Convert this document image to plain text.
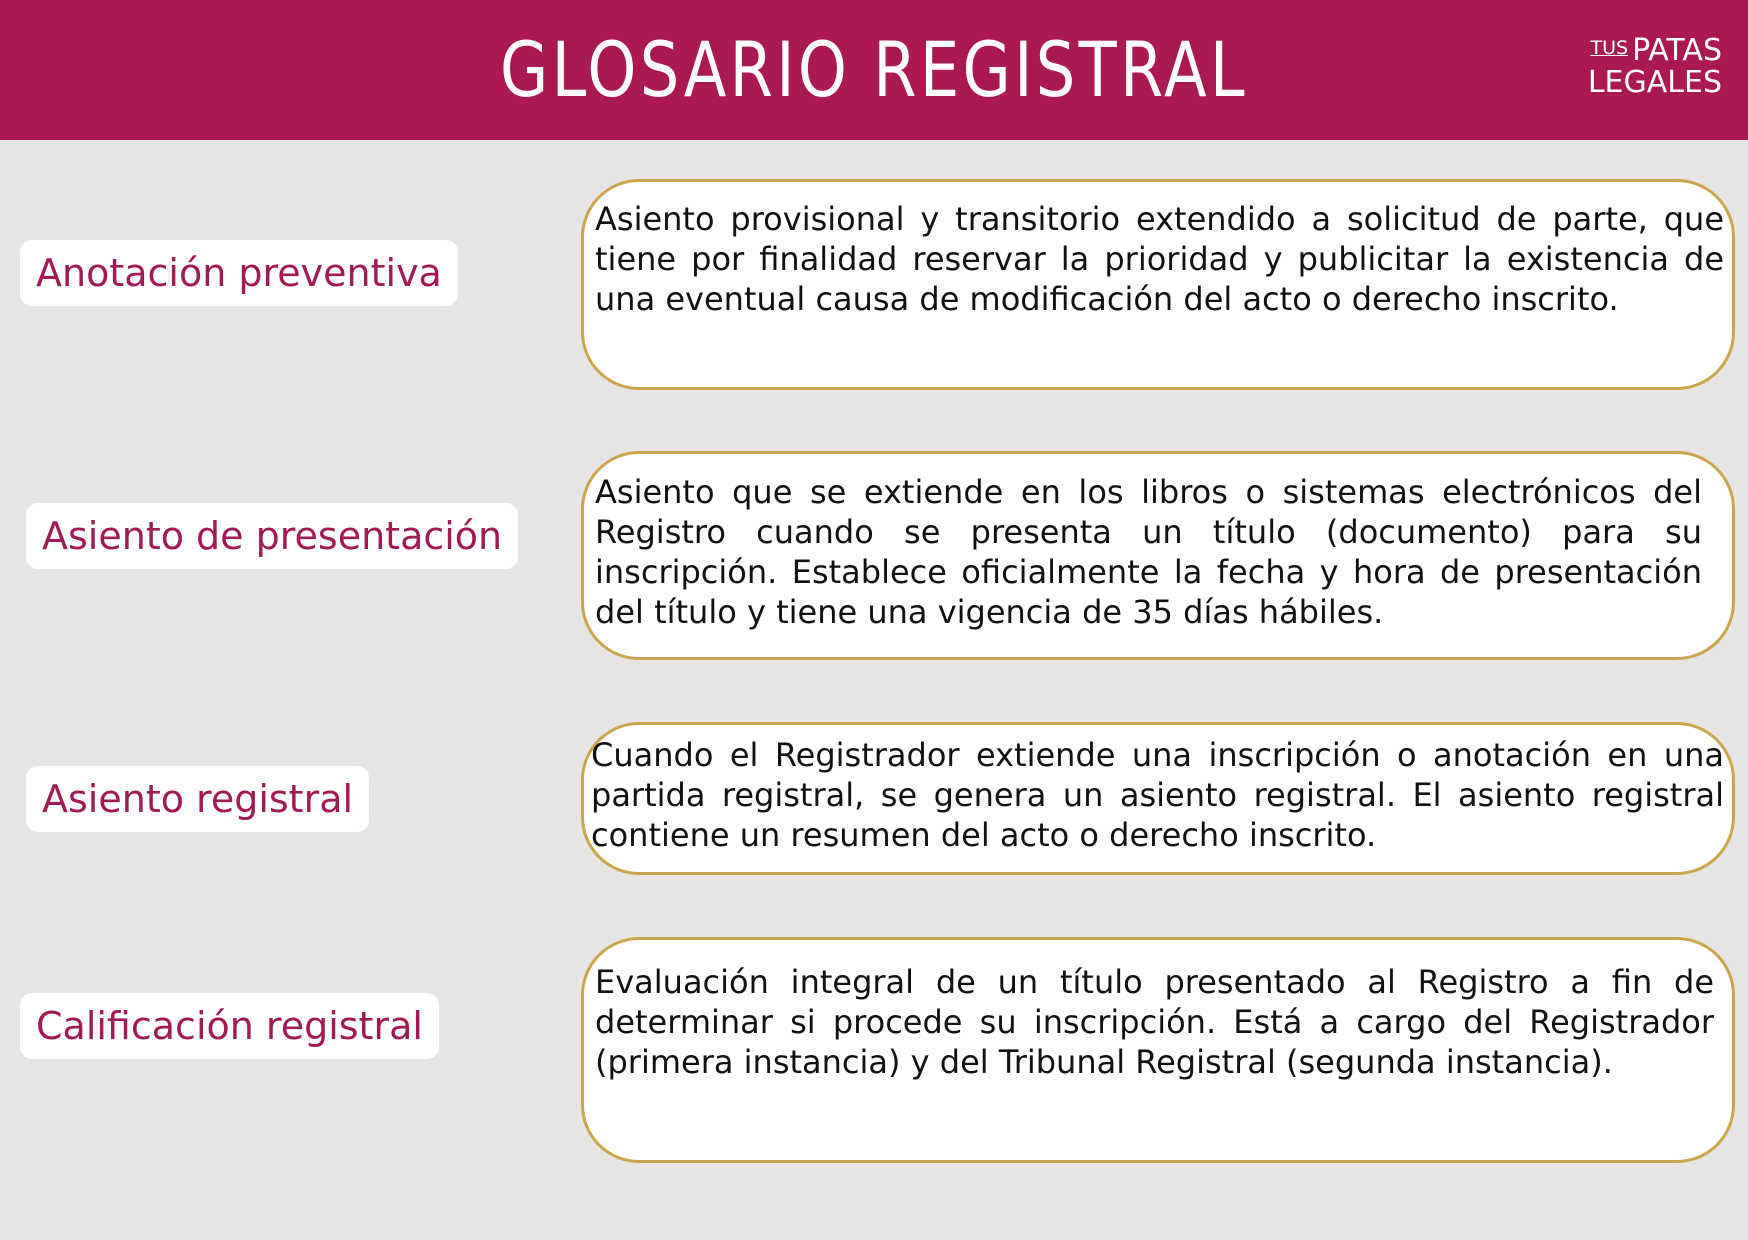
GLOSARIO REGISTRAL	$^{TUS}$ PATAS
LEGALES
Anotación preventiva
Asiento provisional y transitorio extendido a solicitud de parte, que tiene por finalidad reservar la prioridad y publicitar la existencia de una eventual causa de modificación del acto o derecho inscrito.
Asiento de presentación
Asiento que se extiende en los libros o sistemas electrónicos del Registro cuando se presenta un título (documento) para su inscripción. Establece oficialmente la fecha y hora de presentación del título y tiene una vigencia de 35 días hábiles.
Asiento registral
Cuando el Registrador extiende una inscripción o anotación en una partida registral, se genera un asiento registral. El asiento registral contiene un resumen del acto o derecho inscrito.
Calificación registral
Evaluación integral de un título presentado al Registro a fin de determinar si procede su inscripción. Está a cargo del Registrador (primera instancia) y del Tribunal Registral (segunda instancia).
